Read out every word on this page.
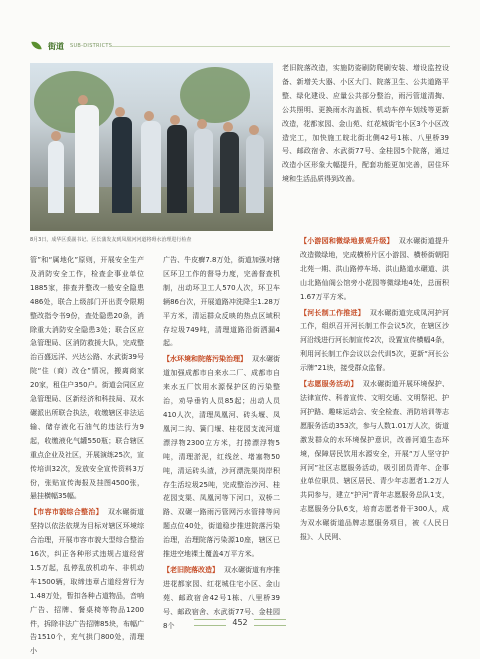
街道 SUB-DISTRICTS
8月3日，成华区委副书记、区长蒲发友到凤凰河河道将碍水治理进行检查

老旧院落改造，实施防姿刷防爬刷安装、增设监控设备、新增关大器、小区大门、院落卫生、公共道路平整、绿化建设、应量公共部分整治，雨污管道清掏、公共照明、更换雨水沟盖板、机动车停车划线等更新改造，花都家园、金山苑、红花城街宅小区3个小区改造完工，加快施工皖北街北侧42号1栋、八里桥39号、邮政宿舍、水武街77号、金桂园5个院落，通过改造小区形象大幅提升，配套功能更加完善，居住环境和生活品质得到改善。

管”和“属地化”原则，开展安全生产及消防安全工作，检查企事业单位1885家，排查并整改一般安全隐患486处，联合上级部门开出责令限期整改指令书9份，查处隐患20条，消除重大消防安全隐患3处；联合区应急管理局、区消防救援大队，完成整治百盛远洋、兴达公路、水武街39号院“住（商）改仓”情况，搬离商家20家，租住户350户。街道会同区应急管理局、区新经济和科技局、双水碾派出所联合执法，收缴辖区非法运输、储存液化石油气的违法行为9起，收缴液化气罐550瓶；联合辖区重点企业及社区，开展演练25次，宣传培训32次，发放安全宣传资料3万份，张贴宣传海报及挂图4500张，悬挂横幅35幅。

【市容市貌综合整治】 双水碾街道坚持以依法依规为目标对辖区环境综合治理，开展市容市貌大型综合整治16次，纠正各种形式违规占道经营1.5万起，乱停乱放机动车、非机动车1500辆，取缔违章占道经营行为1.48万处，暂扣各种占道物品，音响广告、招牌、餐桌椅等物品1200件，拆除非法广告招牌85块，布幅广告1510个，充气拱门800处，清理小

广告、牛皮癣7.8万处，街道加强对辖区环卫工作的督导力度，完善督查机制，出动环卫工人570人次，环卫车辆86台次，开展道路冲洗降尘1.28万平方米，清运群众反映的热点区域积存垃圾749吨，清理道路沿街洒漏4起。

【水环境和院落污染治理】 双水碾街道加强成都市自来水二厂、成都市自来水五厂饮用水源保护区的污染整治，劝导垂钓人员85起；出动人员410人次，清理凤凰河、砖头堰、凤凰河二沟、簧门堰、桂花园支流河道漂浮物2300立方米，打捞漂浮物5吨，清理淤泥，红线丝、堵塞物50吨，清运砖头渣，沙河漂洗渠岗岸积存生活垃圾25吨，完成整治沙河、桂花园支渠、凤凰河等下河口，双桥二路、双碾一路雨污管网污水管排等问题点位40处，街道稳步推进院落污染治理，治理院落污染源10座，辖区已推进空地裸土覆盖4万平方米。

【老旧院落改造】 双水碾街道有序推进花都家园、红花城住宅小区、金山苑、邮政宿舍42号1栋、八里桥39号、邮政宿舍、水武街77号、金桂园8个

【小游园和微绿地景观升级】 双水碾街道提升改造微绿地，完成横桥片区小游园、横桥街朝阳北苑一期、洪山路停车场、洪山路道水碾道、洪山北路仙阁公馆旁小花园等微绿地4处，总面积1.67万平方米。

【河长制工作推进】 双水碾街道完成凤河护河工作，组织召开河长制工作会议5次，在辖区沙河沿线进行河长制宣传2次，设置宣传横幅4条，利用河长制工作会议以会代训5次，更新“河长公示牌”21块，接受群众监督。

【志愿服务活动】 双水碾街道开展环境保护、法律宣传、科普宣传、文明交通、文明祭祀、护河护路、趣味运动会、安全检查、消防培训等志愿服务活动353次，参与人数1.01万人次，街道激发群众的水环境保护意识，改善河道生态环境，保障居民饮用水源安全，开展“万人坚守护河河”社区志愿服务活动，吸引团员青年、企事业单位职员、辖区居民、青少年志愿者1.2万人共同参与，建立“护河”青年志愿服务总队1支，志愿服务分队6支，培育志愿者骨干300人，成为双水碾街道品牌志愿服务项目，被《人民日报》、人民网、

452
